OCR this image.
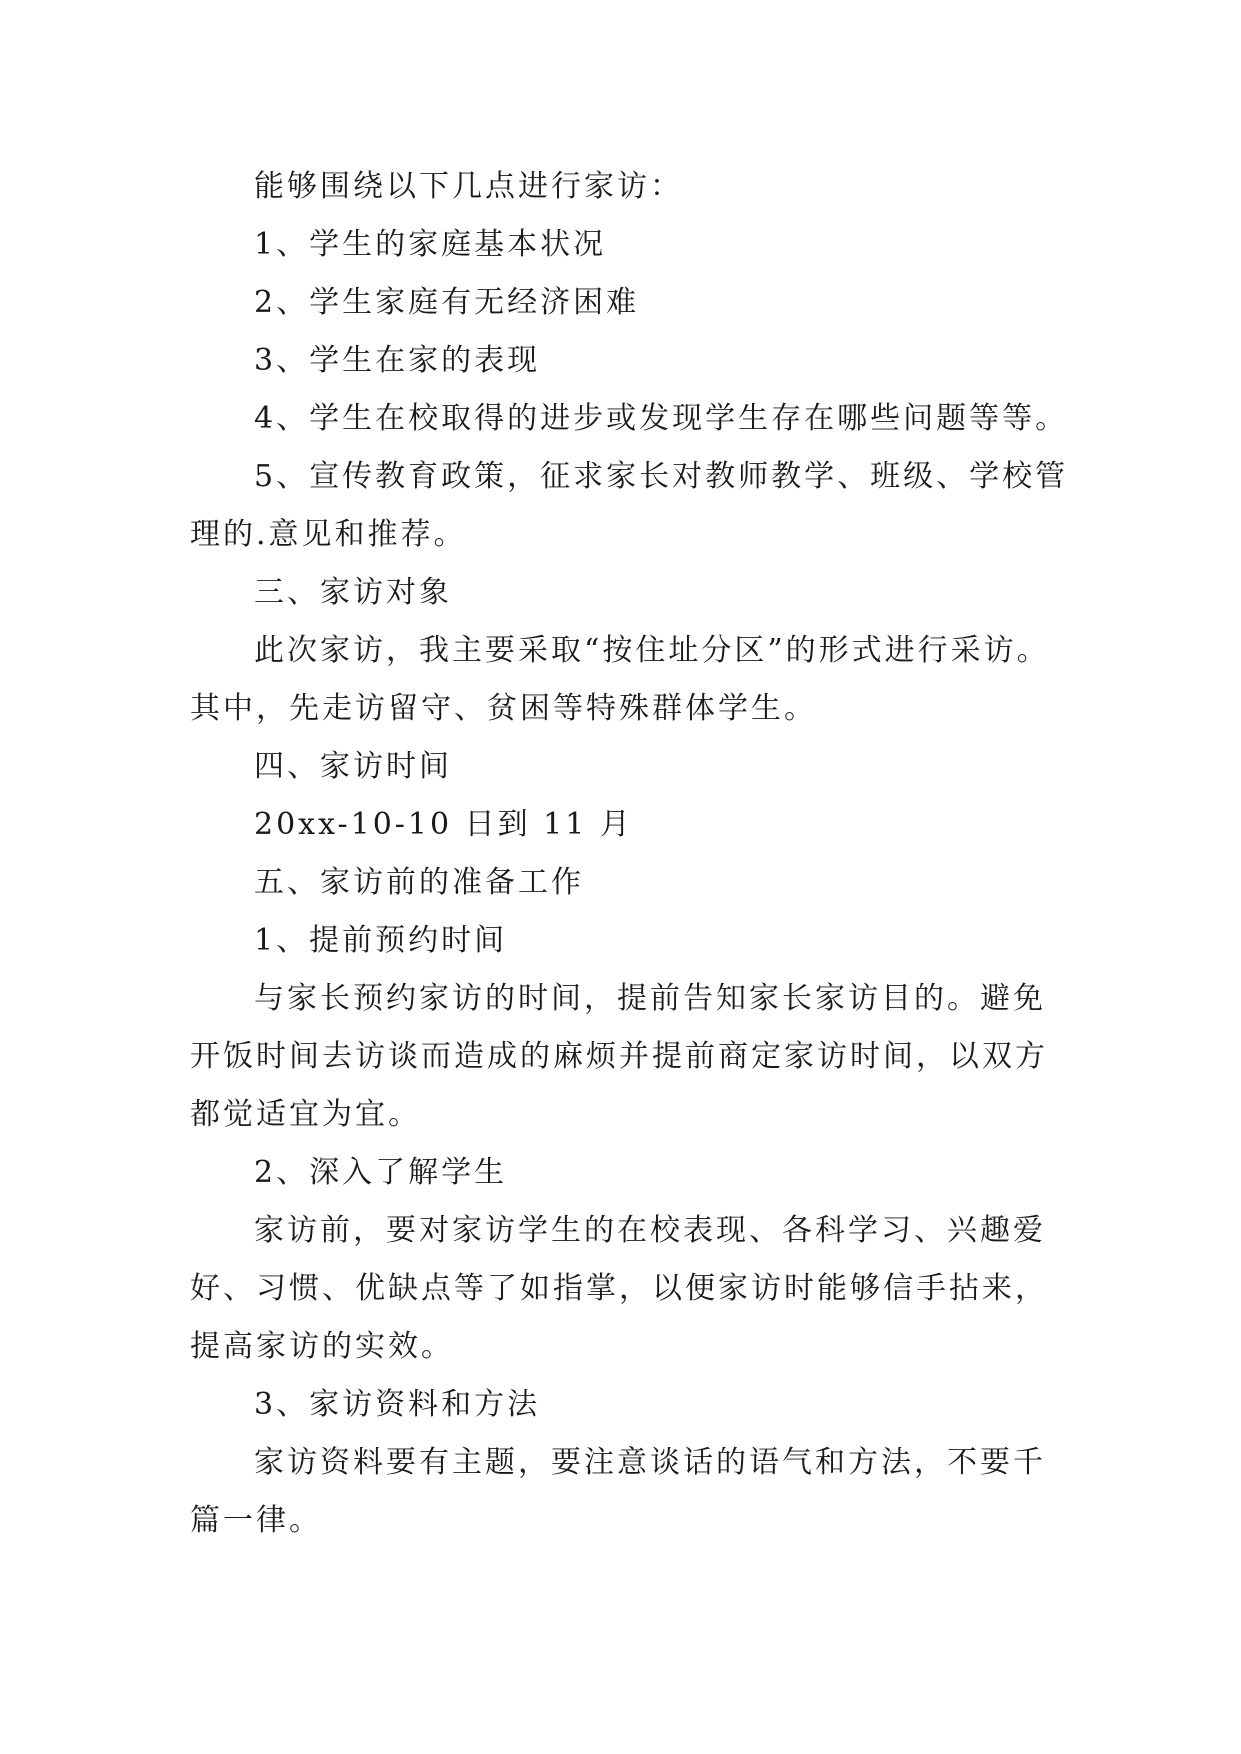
能够围绕以下几点进行家访：

1、学生的家庭基本状况

2、学生家庭有无经济困难

3、学生在家的表现

4、学生在校取得的进步或发现学生存在哪些问题等等。

5、宣传教育政策，征求家长对教师教学、班级、学校管理的.意见和推荐。

三、家访对象

此次家访，我主要采取“按住址分区”的形式进行采访。其中，先走访留守、贫困等特殊群体学生。

四、家访时间

20xx-10-10 日到 11 月

五、家访前的准备工作

1、提前预约时间

与家长预约家访的时间，提前告知家长家访目的。避免开饭时间去访谈而造成的麻烦并提前商定家访时间，以双方都觉适宜为宜。

2、深入了解学生

家访前，要对家访学生的在校表现、各科学习、兴趣爱好、习惯、优缺点等了如指掌，以便家访时能够信手拈来，提高家访的实效。

3、家访资料和方法

家访资料要有主题，要注意谈话的语气和方法，不要千篇一律。
